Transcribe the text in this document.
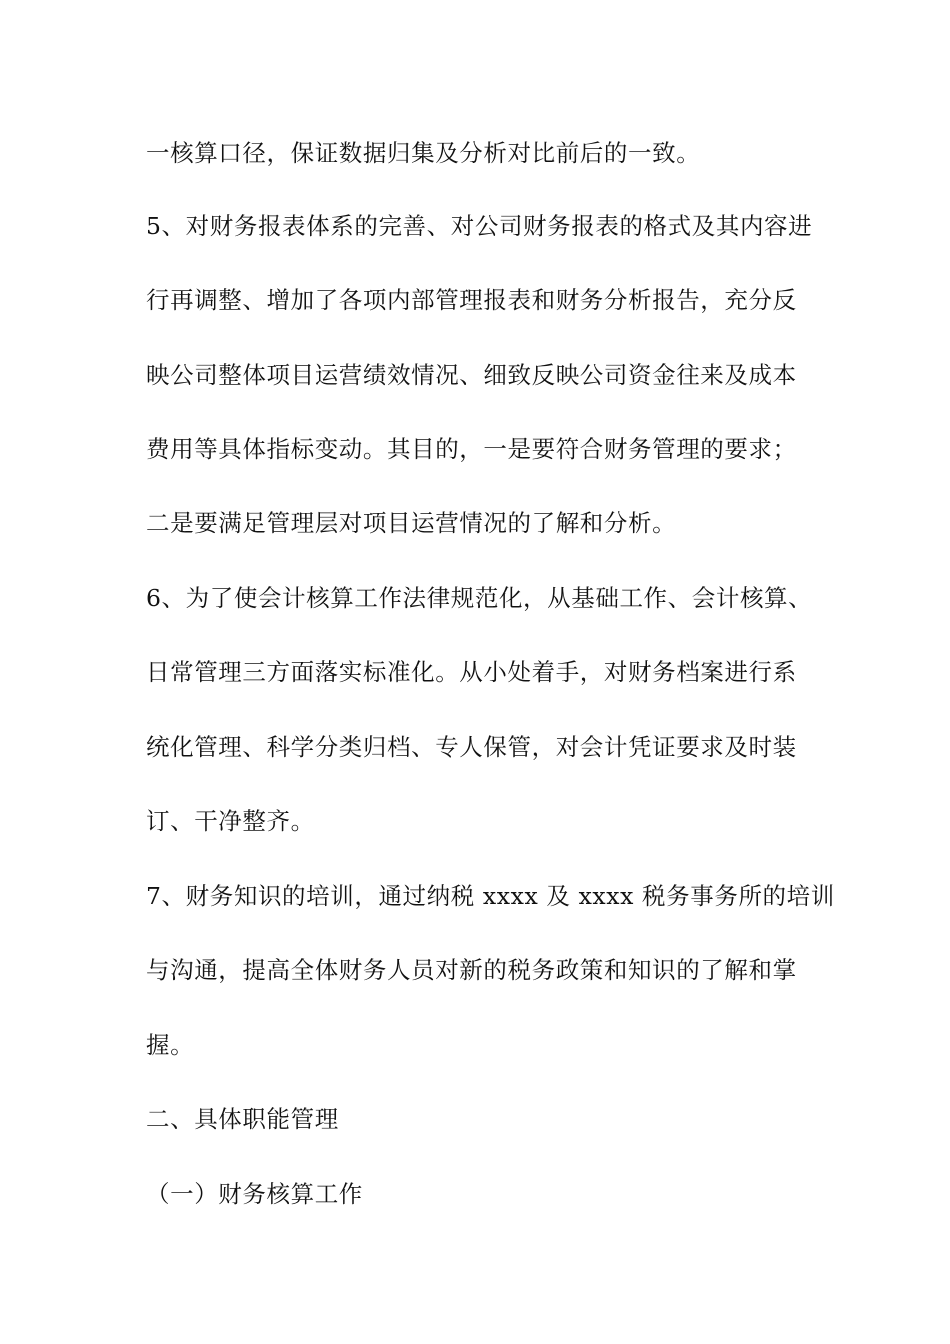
一核算口径，保证数据归集及分析对比前后的一致。
5、对财务报表体系的完善、对公司财务报表的格式及其内容进
行再调整、增加了各项内部管理报表和财务分析报告，充分反
映公司整体项目运营绩效情况、细致反映公司资金往来及成本
费用等具体指标变动。其目的，一是要符合财务管理的要求；
二是要满足管理层对项目运营情况的了解和分析。
6、为了使会计核算工作法律规范化，从基础工作、会计核算、
日常管理三方面落实标准化。从小处着手，对财务档案进行系
统化管理、科学分类归档、专人保管，对会计凭证要求及时装
订、干净整齐。
7、财务知识的培训，通过纳税 xxxx 及 xxxx 税务事务所的培训
与沟通，提高全体财务人员对新的税务政策和知识的了解和掌
握。
二、具体职能管理
（一）财务核算工作
